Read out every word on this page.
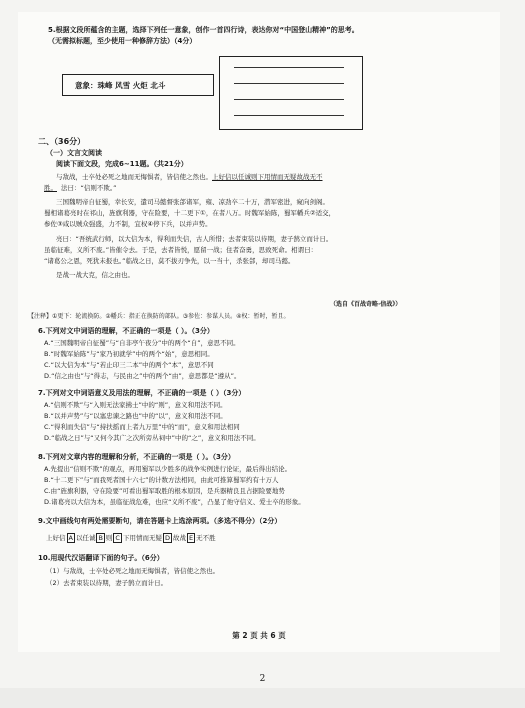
5.根据文段所蕴含的主题，选择下列任一意象，创作一首四行诗，表达你对“中国登山精神”的思考。
（无需拟标题，至少使用一种修辞方法）（4分）
意象：珠峰 风雪 火炬 北斗
二、（36分）
（一）文言文阅读
阅读下面文段，完成6~11题。（共21分）
与敌战，士卒处必死之地而无悔惧者，皆信使之然也。上好信以任诚则下用情而无疑故战无不
胜。 法曰：“信则不欺。”
三国魏明帝自征蜀，幸长安，遣司马懿督张郃诸军，雍、凉劲卒二十万，潜军密进，窥向剑阁。
蜀相诸葛亮时在祁山，旌旗利器，守在险要，十二更下①，在者八万。时魏军始陈，蜀军幡兵②适交，
参佐③咸以贼众强盛，力不制，宜权④停下兵，以并声势。
亮曰：“吾统武行师，以大信为本，得利而失信，古人所惜；去者束装以待期，妻子鹄立而计日。
虽临征难，义所不废。”皆催令去。于是，去者皆悦，愿留一战；住者奋勇，思致死命。相谓曰：
“诸葛公之恩，死犹未报也。”临战之日，莫不拔刃争先，以一当十，杀张郃，却司马懿。
是战一战大克，信之由也。
（选自《百战奇略·信战》）
【注释】①更下：轮流换防。②幡兵：指正在换防的部队。③参佐：参谋人员。④权：暂时，暂且。
6.下列对文中词语的理解，不正确的一项是（ ）。（3分）
A.“三国魏明帝自征蜀”与“自非亭午夜分”中的两个“自”，意思不同。
B.“时魏军始陈”与“家乃初就学”中的两个“始”，意思相同。
C.“以大信为本”与“若止印三二本”中的两个“本”，意思不同
D.“信之由也”与“得志，与民由之”中的两个“由”，意思都是“遵从”。
7.下列对文中词语意义及用法的理解，不正确的一项是（ ）（3分）
A.“信则不欺”与“入则无法家拂士”中的“则”，意义和用法不同。
B.“以并声势”与“以塞忠谏之路也”中的“以”，意义和用法不同。
C.“得利而失信”与“持扶摇而上者九万里”中的“而”，意义和用法相同
D.“临战之日”与“又何今其广之次所旁丛祠中”中的“之”，意义和用法不同。
8.下列对文章内容的理解和分析，不正确的一项是（ ）。（3分）
A.先提出“信则不欺”的观点，再用蜀军以少胜多的战争实例进行论证，最后得出结论。
B.“十二更下”与“而我死者国十六七”的计数方法相同，由此可推算蜀军约有十万人
C.由“旌旗利器，守在险要”可看出蜀军取胜的根本原因，是兵器精良且占据险要地势
D.诸葛亮以大信为本，虽临征战危难，也应“义所不废”，凸显了他守信义、爱士卒的形象。
9.文中画线句有两处需要断句，请在答题卡上选涂两项。（多选不得分）（2分）
上好信 A 以任诚 B 则 C 下用情而无疑 D 故战 E 无不胜
10.用现代汉语翻译下面的句子。（6分）
（1）与敌战，士卒处必死之地而无悔惧者，皆信使之然也。
（2）去者束装以待期，妻子鹄立而计日。
第 2 页 共 6 页
2
